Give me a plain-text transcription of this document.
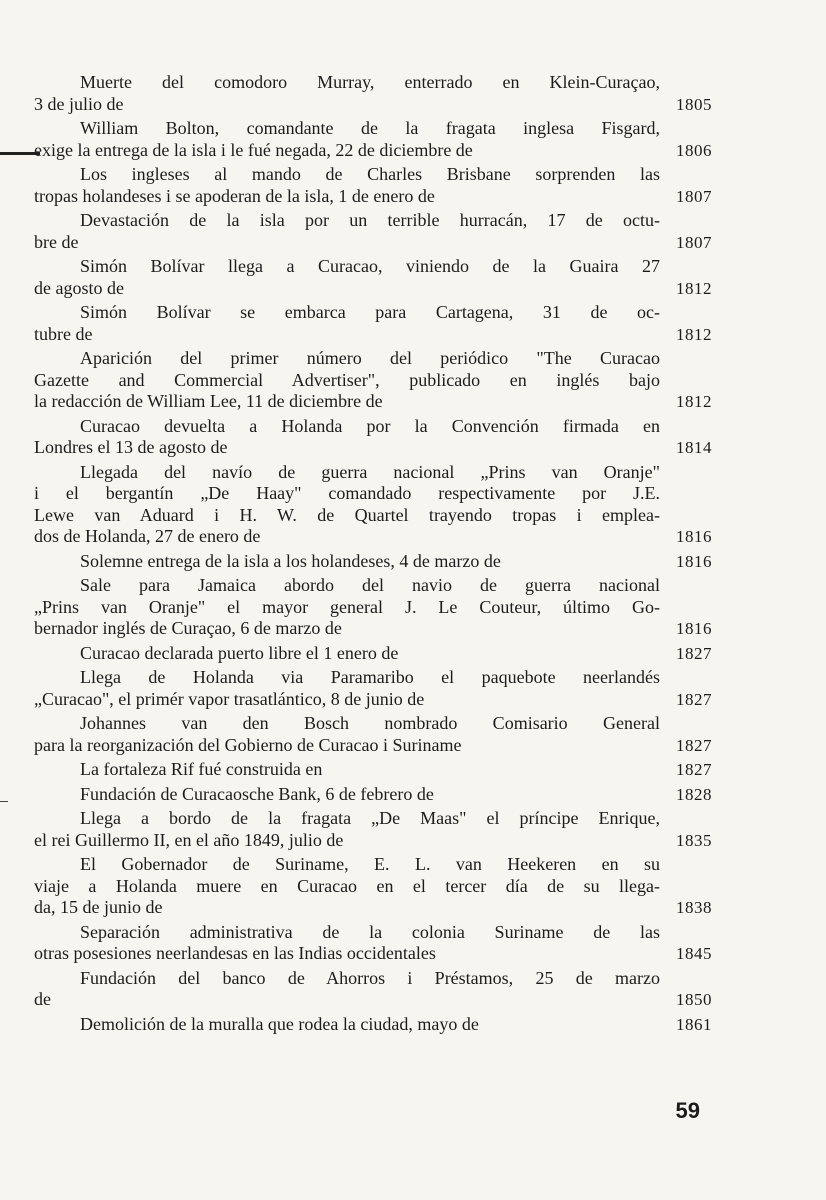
Muerte del comodoro Murray, enterrado en Klein-Curaçao,
3 de julio de	1805
William Bolton, comandante de la fragata inglesa Fisgard,
exige la entrega de la isla i le fué negada, 22 de diciembre de	1806
Los ingleses al mando de Charles Brisbane sorprenden las
tropas holandeses i se apoderan de la isla, 1 de enero de	1807
Devastación de la isla por un terrible hurracán, 17 de octu-
bre de	1807
Simón Bolívar llega a Curacao, viniendo de la Guaira 27
de agosto de	1812
Simón Bolívar se embarca para Cartagena, 31 de oc-
tubre de	1812
Aparición del primer número del periódico "The Curacao
Gazette and Commercial Advertiser", publicado en inglés bajo
la redacción de William Lee, 11 de diciembre de	1812
Curacao devuelta a Holanda por la Convención firmada en
Londres el 13 de agosto de	1814
Llegada del navío de guerra nacional „Prins van Oranje"
i el bergantín „De Haay" comandado respectivamente por J.E.
Lewe van Aduard i H. W. de Quartel trayendo tropas i emplea-
dos de Holanda, 27 de enero de	1816
Solemne entrega de la isla a los holandeses, 4 de marzo de	1816
Sale para Jamaica abordo del navio de guerra nacional
„Prins van Oranje" el mayor general J. Le Couteur, último Go-
bernador inglés de Curaçao, 6 de marzo de	1816
Curacao declarada puerto libre el 1 enero de	1827
Llega de Holanda via Paramaribo el paquebote neerlandés
„Curacao", el primér vapor trasatlántico, 8 de junio de	1827
Johannes van den Bosch nombrado Comisario General
para la reorganización del Gobierno de Curacao i Suriname	1827
La fortaleza Rif fué construida en	1827
Fundación de Curacaosche Bank, 6 de febrero de	1828
Llega a bordo de la fragata „De Maas" el príncipe Enrique,
el rei Guillermo II, en el año 1849, julio de	1835
El Gobernador de Suriname, E. L. van Heekeren en su
viaje a Holanda muere en Curacao en el tercer día de su llega-
da, 15 de junio de	1838
Separación administrativa de la colonia Suriname de las
otras posesiones neerlandesas en las Indias occidentales	1845
Fundación del banco de Ahorros i Préstamos, 25 de marzo
de	1850
Demolición de la muralla que rodea la ciudad, mayo de	1861
59
